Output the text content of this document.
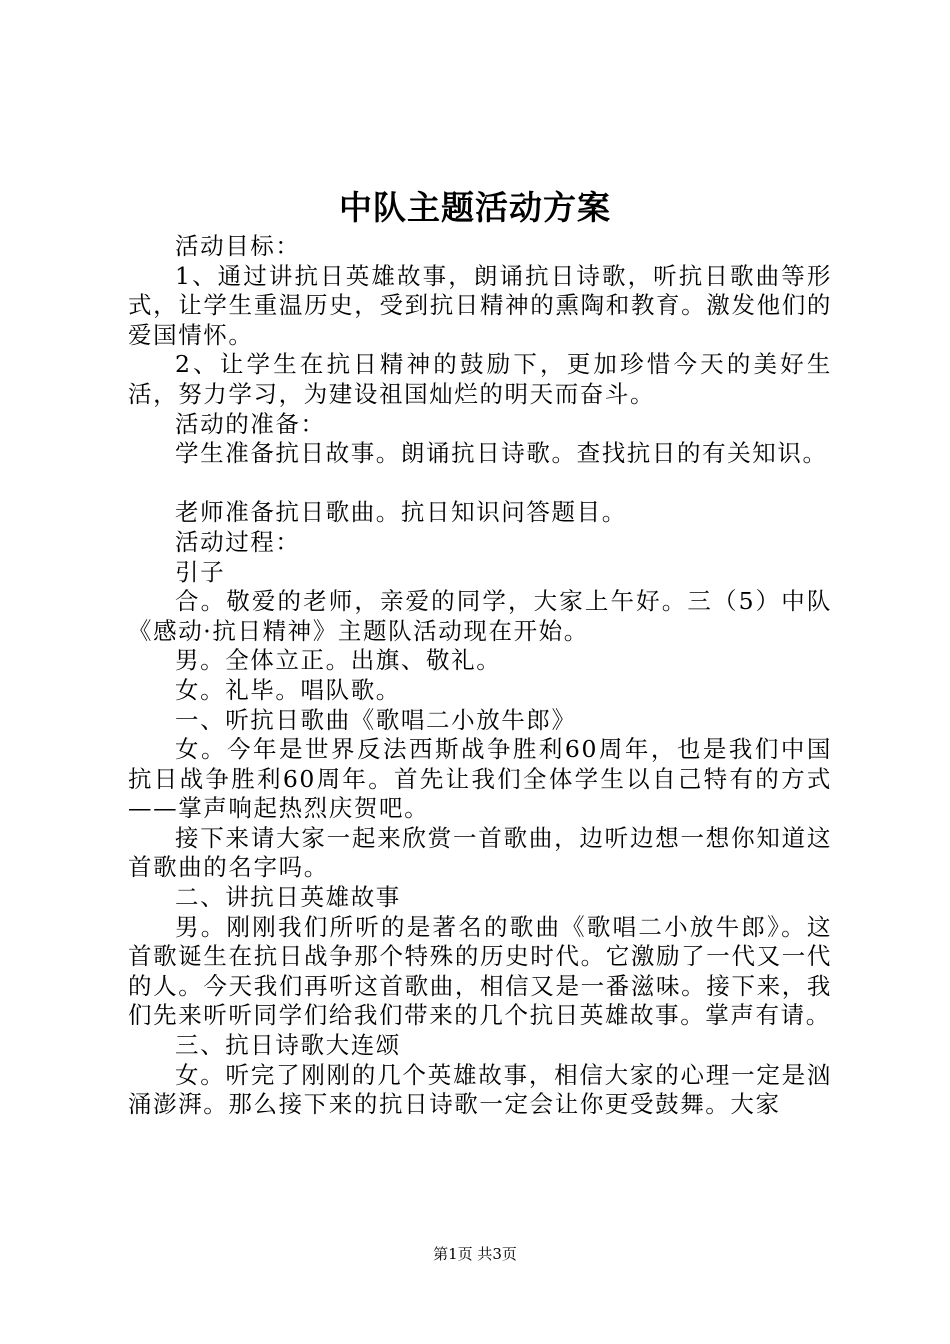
中队主题活动方案

活动目标：

1、通过讲抗日英雄故事，朗诵抗日诗歌，听抗日歌曲等形式，让学生重温历史，受到抗日精神的熏陶和教育。激发他们的爱国情怀。

2、让学生在抗日精神的鼓励下，更加珍惜今天的美好生活，努力学习，为建设祖国灿烂的明天而奋斗。

活动的准备：

学生准备抗日故事。朗诵抗日诗歌。查找抗日的有关知识。

老师准备抗日歌曲。抗日知识问答题目。

活动过程：

引子

合。敬爱的老师，亲爱的同学，大家上午好。三（5）中队《感动·抗日精神》主题队活动现在开始。

男。全体立正。出旗、敬礼。

女。礼毕。唱队歌。

一、听抗日歌曲《歌唱二小放牛郎》

女。今年是世界反法西斯战争胜利60周年，也是我们中国抗日战争胜利60周年。首先让我们全体学生以自己特有的方式——掌声响起热烈庆贺吧。

接下来请大家一起来欣赏一首歌曲，边听边想一想你知道这首歌曲的名字吗。

二、讲抗日英雄故事

男。刚刚我们所听的是著名的歌曲《歌唱二小放牛郎》。这首歌诞生在抗日战争那个特殊的历史时代。它激励了一代又一代的人。今天我们再听这首歌曲，相信又是一番滋味。接下来，我们先来听听同学们给我们带来的几个抗日英雄故事。掌声有请。

三、抗日诗歌大连颂

女。听完了刚刚的几个英雄故事，相信大家的心理一定是汹涌澎湃。那么接下来的抗日诗歌一定会让你更受鼓舞。大家

第1页 共3页
